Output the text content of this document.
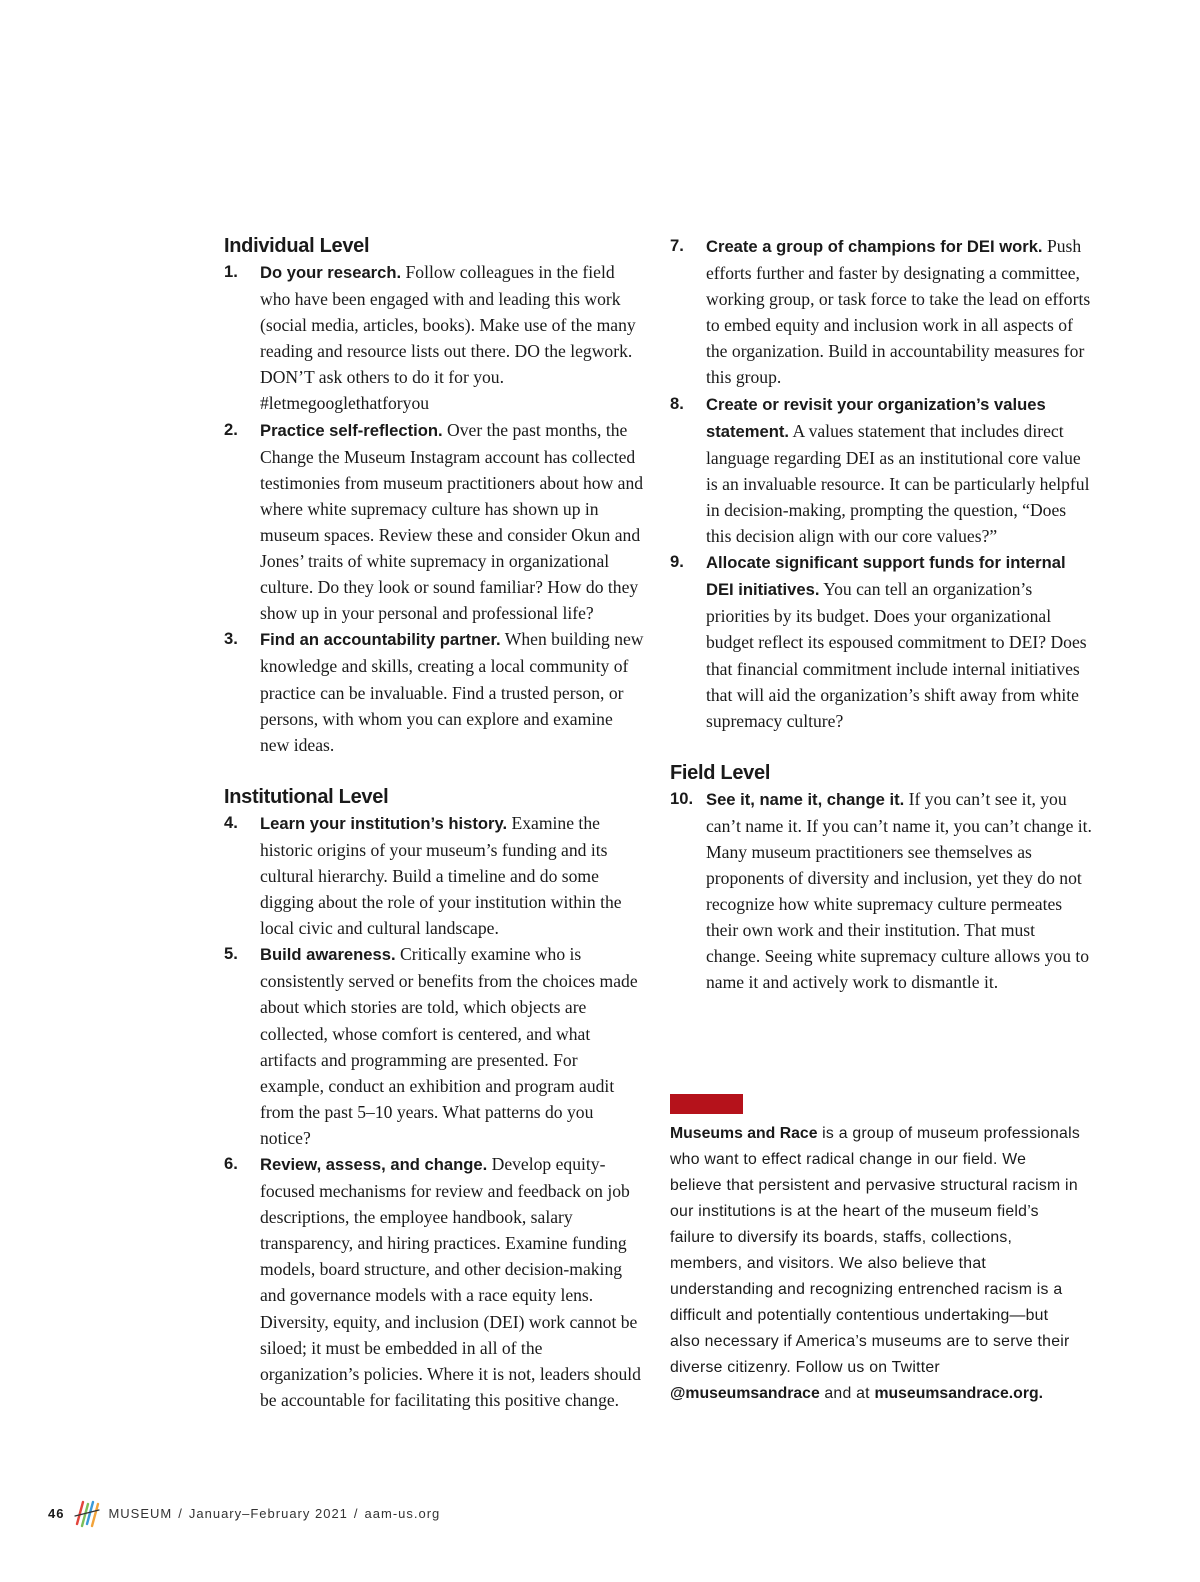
Individual Level
1. Do your research. Follow colleagues in the field who have been engaged with and leading this work (social media, articles, books). Make use of the many reading and resource lists out there. DO the legwork. DON’T ask others to do it for you. #letmegooglethatforyou
2. Practice self-reflection. Over the past months, the Change the Museum Instagram account has collected testimonies from museum practitioners about how and where white supremacy culture has shown up in museum spaces. Review these and consider Okun and Jones’ traits of white supremacy in organizational culture. Do they look or sound familiar? How do they show up in your personal and professional life?
3. Find an accountability partner. When building new knowledge and skills, creating a local community of practice can be invaluable. Find a trusted person, or persons, with whom you can explore and examine new ideas.
Institutional Level
4. Learn your institution’s history. Examine the historic origins of your museum’s funding and its cultural hierarchy. Build a timeline and do some digging about the role of your institution within the local civic and cultural landscape.
5. Build awareness. Critically examine who is consistently served or benefits from the choices made about which stories are told, which objects are collected, whose comfort is centered, and what artifacts and programming are presented. For example, conduct an exhibition and program audit from the past 5–10 years. What patterns do you notice?
6. Review, assess, and change. Develop equity-focused mechanisms for review and feedback on job descriptions, the employee handbook, salary transparency, and hiring practices. Examine funding models, board structure, and other decision-making and governance models with a race equity lens. Diversity, equity, and inclusion (DEI) work cannot be siloed; it must be embedded in all of the organization’s policies. Where it is not, leaders should be accountable for facilitating this positive change.
7. Create a group of champions for DEI work. Push efforts further and faster by designating a committee, working group, or task force to take the lead on efforts to embed equity and inclusion work in all aspects of the organization. Build in accountability measures for this group.
8. Create or revisit your organization’s values statement. A values statement that includes direct language regarding DEI as an institutional core value is an invaluable resource. It can be particularly helpful in decision-making, prompting the question, “Does this decision align with our core values?”
9. Allocate significant support funds for internal DEI initiatives. You can tell an organization’s priorities by its budget. Does your organizational budget reflect its espoused commitment to DEI? Does that financial commitment include internal initiatives that will aid the organization’s shift away from white supremacy culture?
Field Level
10. See it, name it, change it. If you can’t see it, you can’t name it. If you can’t name it, you can’t change it. Many museum practitioners see themselves as proponents of diversity and inclusion, yet they do not recognize how white supremacy culture permeates their own work and their institution. That must change. Seeing white supremacy culture allows you to name it and actively work to dismantle it.

Museums and Race is a group of museum professionals who want to effect radical change in our field. We believe that persistent and pervasive structural racism in our institutions is at the heart of the museum field’s failure to diversify its boards, staffs, collections, members, and visitors. We also believe that understanding and recognizing entrenched racism is a difficult and potentially contentious undertaking—but also necessary if America’s museums are to serve their diverse citizenry. Follow us on Twitter @museumsandrace and at museumsandrace.org.

46	MUSEUM / January–February 2021 / aam-us.org
